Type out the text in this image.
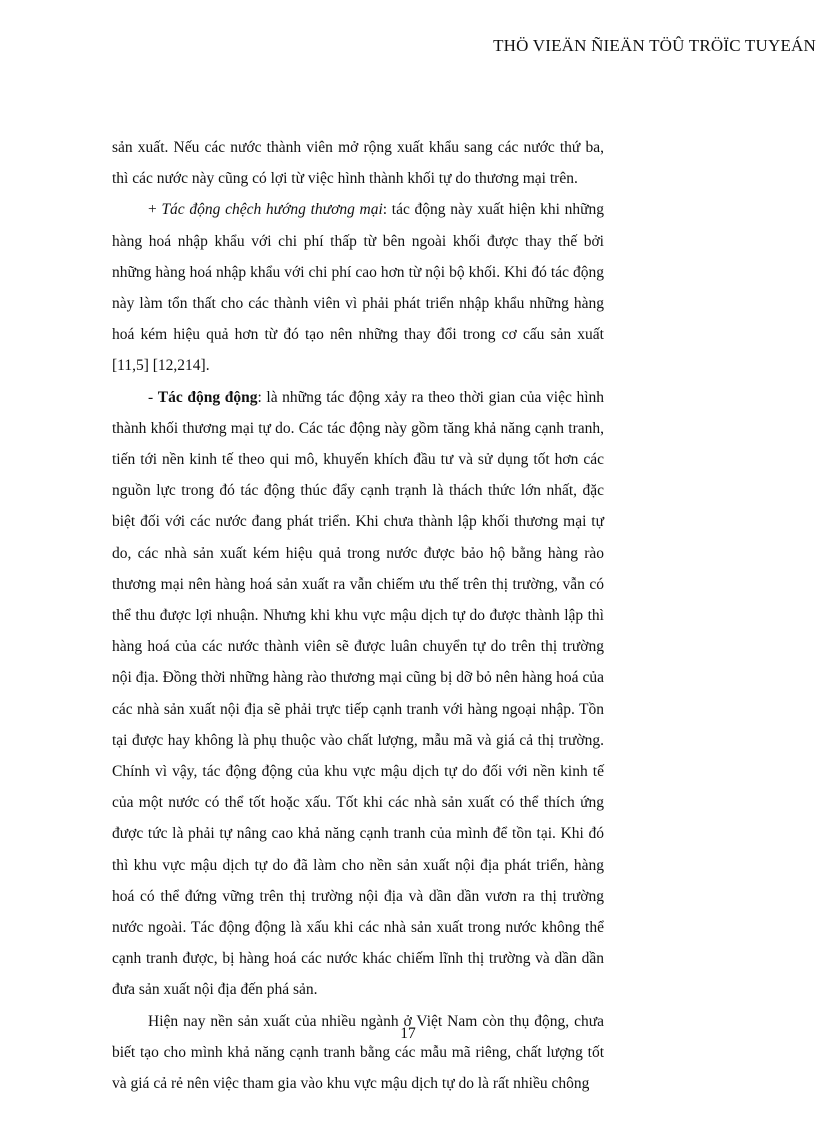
THÖ VIEÄN ÑIEÄN TÖÛ TRÖÏC TUYEÁN

sản xuất. Nếu các nước thành viên mở rộng xuất khẩu sang các nước thứ ba, thì các nước này cũng có lợi từ việc hình thành khối tự do thương mại trên.

+ Tác động chệch hướng thương mại: tác động này xuất hiện khi những hàng hoá nhập khẩu với chi phí thấp từ bên ngoài khối được thay thế bởi những hàng hoá nhập khẩu với chi phí cao hơn từ nội bộ khối. Khi đó tác động này làm tổn thất cho các thành viên vì phải phát triển nhập khẩu những hàng hoá kém hiệu quả hơn từ đó tạo nên những thay đổi trong cơ cấu sản xuất [11,5] [12,214].

- Tác động động: là những tác động xảy ra theo thời gian của việc hình thành khối thương mại tự do. Các tác động này gồm tăng khả năng cạnh tranh, tiến tới nền kinh tế theo qui mô, khuyến khích đầu tư và sử dụng tốt hơn các nguồn lực trong đó tác động thúc đẩy cạnh trạnh là thách thức lớn nhất, đặc biệt đối với các nước đang phát triển. Khi chưa thành lập khối thương mại tự do, các nhà sản xuất kém hiệu quả trong nước được bảo hộ bằng hàng rào thương mại nên hàng hoá sản xuất ra vẫn chiếm ưu thế trên thị trường, vẫn có thể thu được lợi nhuận. Nhưng khi khu vực mậu dịch tự do được thành lập thì hàng hoá của các nước thành viên sẽ được luân chuyển tự do trên thị trường nội địa. Đồng thời những hàng rào thương mại cũng bị dỡ bỏ nên hàng hoá của các nhà sản xuất nội địa sẽ phải trực tiếp cạnh tranh với hàng ngoại nhập. Tồn tại được hay không là phụ thuộc vào chất lượng, mẫu mã và giá cả thị trường. Chính vì vậy, tác động động của khu vực mậu dịch tự do đối với nền kinh tế của một nước có thể tốt hoặc xấu. Tốt khi các nhà sản xuất có thể thích ứng được tức là phải tự nâng cao khả năng cạnh tranh của mình để tồn tại. Khi đó thì khu vực mậu dịch tự do đã làm cho nền sản xuất nội địa phát triển, hàng hoá có thể đứng vững trên thị trường nội địa và dần dần vươn ra thị trường nước ngoài. Tác động động là xấu khi các nhà sản xuất trong nước không thể cạnh tranh được, bị hàng hoá các nước khác chiếm lĩnh thị trường và dần dần đưa sản xuất nội địa đến phá sản.

Hiện nay nền sản xuất của nhiều ngành ở Việt Nam còn thụ động, chưa biết tạo cho mình khả năng cạnh tranh bằng các mẫu mã riêng, chất lượng tốt và giá cả rẻ nên việc tham gia vào khu vực mậu dịch tự do là rất nhiều chông

17
